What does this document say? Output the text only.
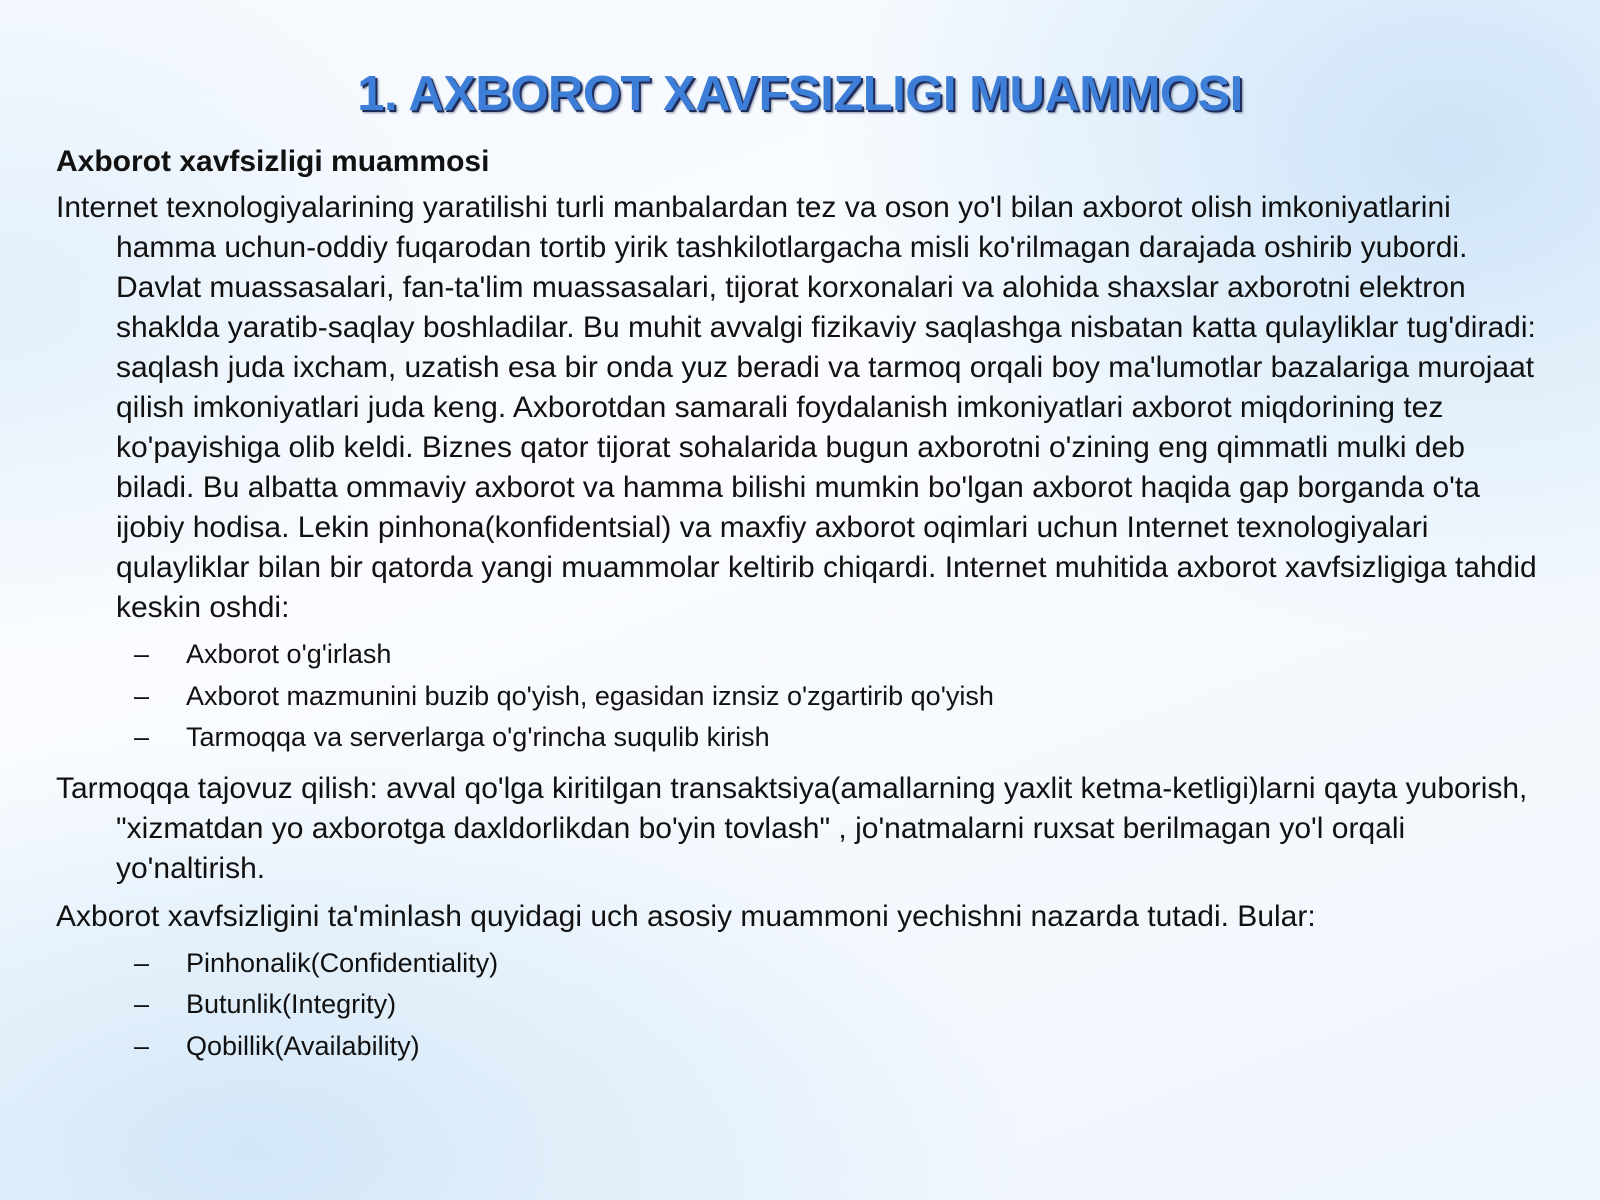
1. AXBOROT XAVFSIZLIGI MUAMMOSI
Axborot xavfsizligi muammosi

Internet texnologiyalarining yaratilishi turli manbalardan tez va oson yo'l bilan axborot olish imkoniyatlarini hamma uchun-oddiy fuqarodan tortib yirik tashkilotlargacha misli ko'rilmagan darajada oshirib yubordi. Davlat muassasalari, fan-ta'lim muassasalari, tijorat korxonalari va alohida shaxslar axborotni elektron shaklda yaratib-saqlay boshladilar. Bu muhit avvalgi fizikaviy saqlashga nisbatan katta qulayliklar tug'diradi: saqlash juda ixcham, uzatish esa bir onda yuz beradi va tarmoq orqali boy ma'lumotlar bazalariga murojaat qilish imkoniyatlari juda keng. Axborotdan samarali foydalanish imkoniyatlari axborot miqdorining tez ko'payishiga olib keldi. Biznes qator tijorat sohalarida bugun axborotni o'zining eng qimmatli mulki deb biladi. Bu albatta ommaviy axborot va hamma bilishi mumkin bo'lgan axborot haqida gap borganda o'ta ijobiy hodisa. Lekin pinhona(konfidentsial) va maxfiy axborot oqimlari uchun Internet texnologiyalari qulayliklar bilan bir qatorda yangi muammolar keltirib chiqardi. Internet muhitida axborot xavfsizligiga tahdid keskin oshdi:

– Axborot o'g'irlash
– Axborot mazmunini buzib qo'yish, egasidan iznsiz o'zgartirib qo'yish
– Tarmoqqa va serverlarga o'g'rincha suqulib kirish

Tarmoqqa tajovuz qilish: avval qo'lga kiritilgan transaktsiya(amallarning yaxlit ketma-ketligi)larni qayta yuborish, "xizmatdan yo axborotga daxldorlikdan bo'yin tovlash" , jo'natmalarni ruxsat berilmagan yo'l orqali yo'naltirish.

Axborot xavfsizligini ta'minlash quyidagi uch asosiy muammoni yechishni nazarda tutadi. Bular:

– Pinhonalik(Confidentiality)
– Butunlik(Integrity)
– Qobillik(Availability)
